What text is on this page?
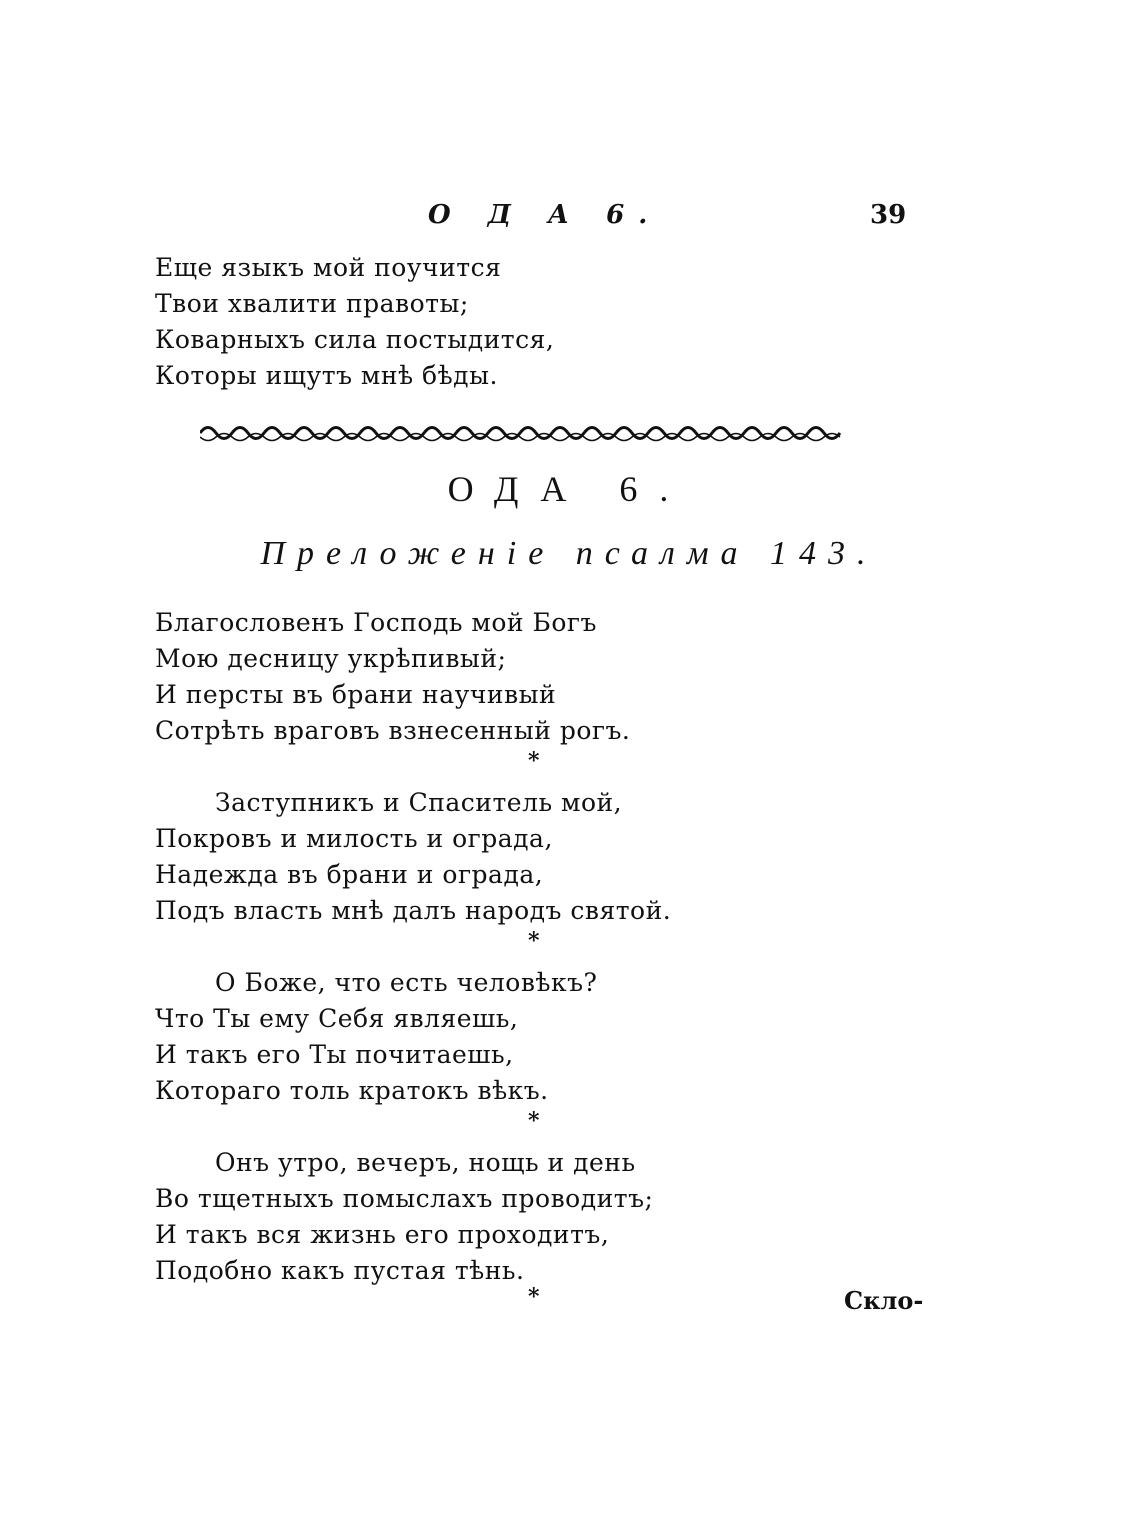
О Д А 6.	39
Еще языкъ мой поучится
Твои хвалити правоты;
Коварныхъ сила постыдится,
Которы ищутъ мнѣ бѣды.
ОДА 6.
Преложеніе псалма 143.
Благословенъ Господь мой Богъ
Мою десницу укрѣпивый;
И персты въ брани научивый
Сотрѣть враговъ взнесенный рогъ.
*
Заступникъ и Спаситель мой,
Покровъ и милость и ограда,
Надежда въ брани и ограда,
Подъ власть мнѣ далъ народъ святой.
*
О Боже, что есть человѣкъ?
Что Ты ему Себя являешь,
И такъ его Ты почитаешь,
Котораго толь кратокъ вѣкъ.
*
Онъ утро, вечеръ, нощь и день
Во тщетныхъ помыслахъ проводитъ;
И такъ вся жизнь его проходитъ,
Подобно какъ пустая тѣнь.
*	Скло-
